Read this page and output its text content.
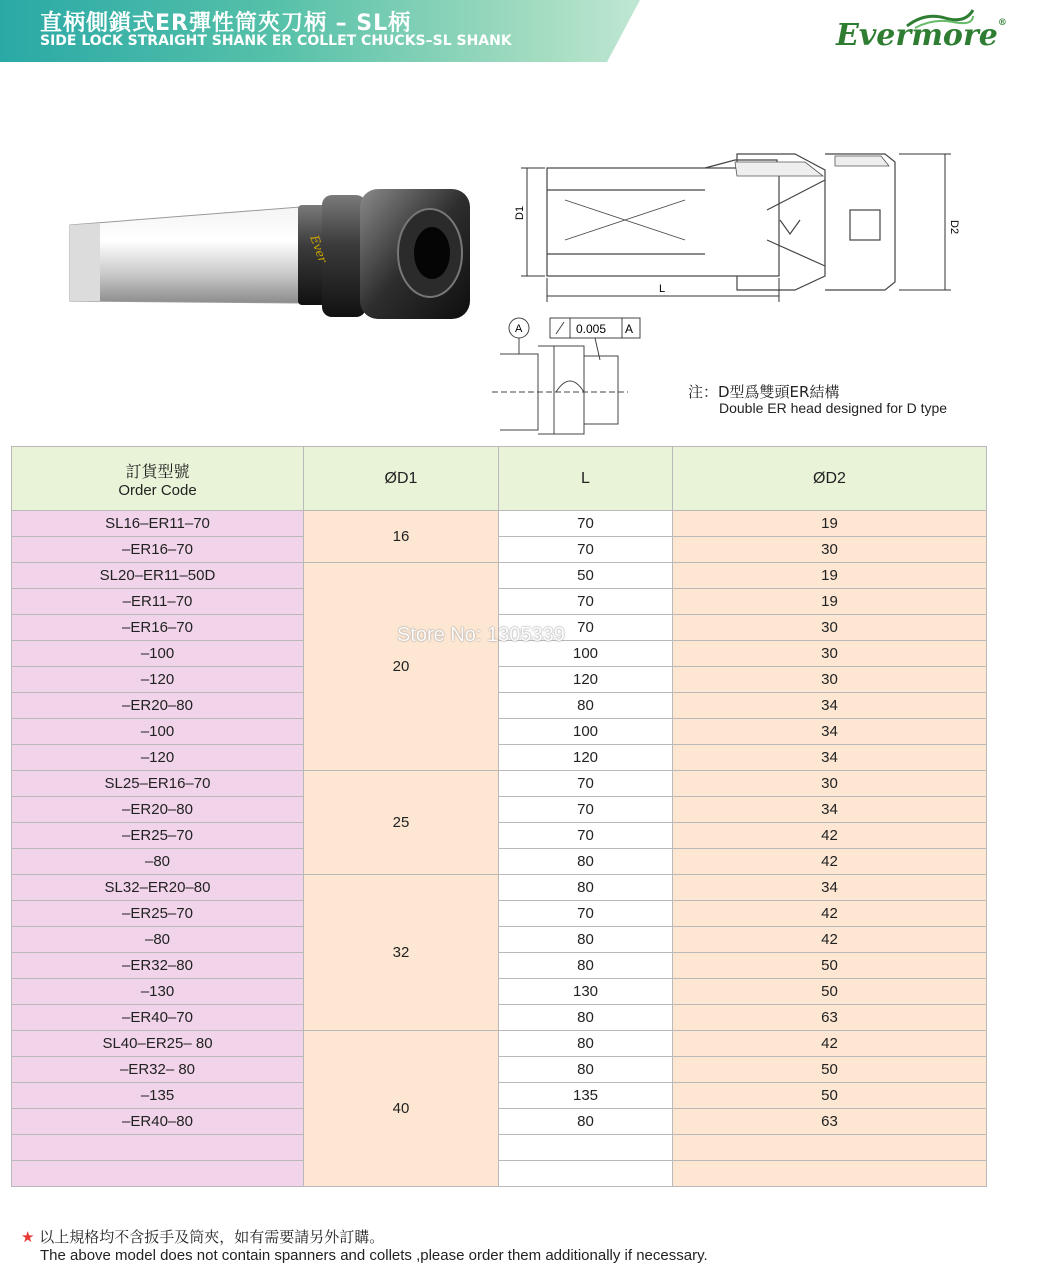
直柄側鎖式ER彈性筒夾刀柄 – SL柄
SIDE LOCK STRAIGHT SHANK ER COLLET CHUCKS–SL SHANK	Evermore®
Ever
D1
D2
L
A	0.005 A
注：D型爲雙頭ER結構
Double ER head designed for D type
訂貨型號
Order Code	ØD1	L	ØD2
SL16–ER11–70	16	70	19
–ER16–70		70	30
SL20–ER11–50D	20	50	19
–ER11–70		70	19
–ER16–70		70	30
–100		100	30
–120		120	30
–ER20–80		80	34
–100		100	34
–120		120	34
SL25–ER16–70	25	70	30
–ER20–80		70	34
–ER25–70		70	42
–80		80	42
SL32–ER20–80	32	80	34
–ER25–70		70	42
–80		80	42
–ER32–80		80	50
–130		130	50
–ER40–70		80	63
SL40–ER25– 80	40	80	42
–ER32– 80		80	50
–135		135	50
–ER40–80		80	63

Store No: 1305339
★ 以上規格均不含扳手及筒夾，如有需要請另外訂購。
The above model does not contain spanners and collets ,please order them additionally if necessary.
